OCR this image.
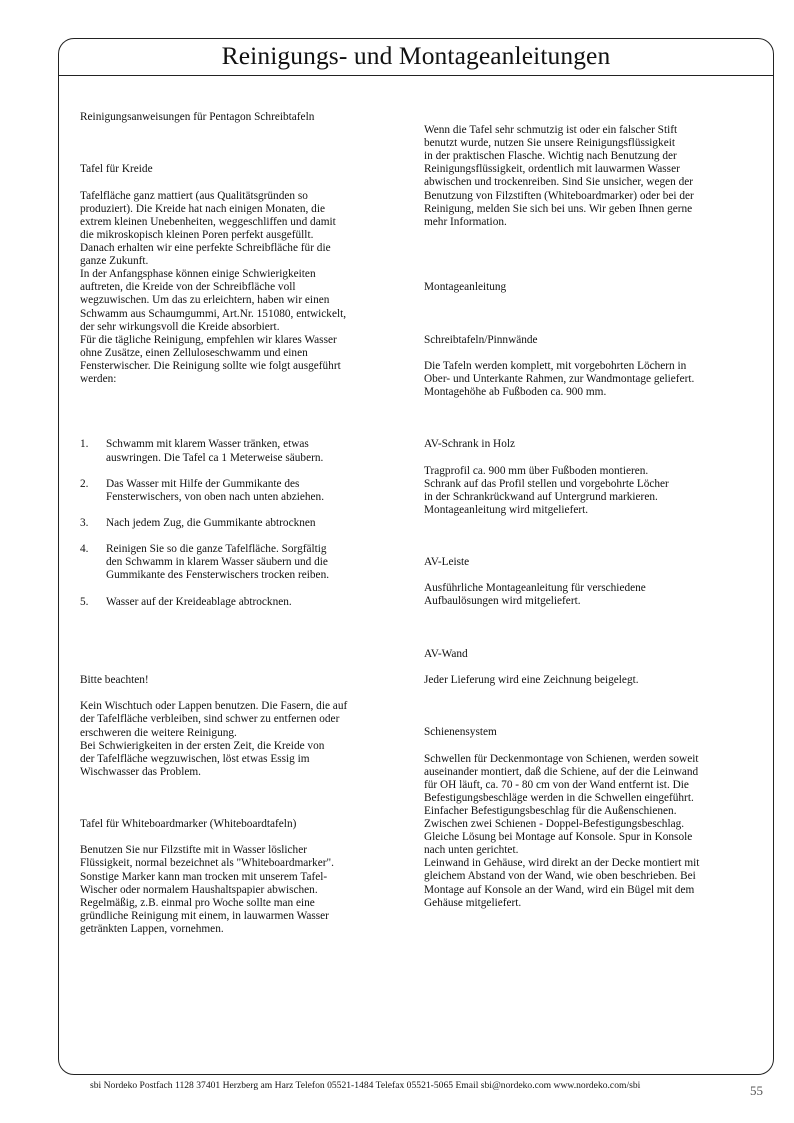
Reinigungs- und Montageanleitungen

Reinigungsanweisungen für Pentagon Schreibtafeln

Tafel für Kreide

Tafelfläche ganz mattiert (aus Qualitätsgründen so
produziert). Die Kreide hat nach einigen Monaten, die
extrem kleinen Unebenheiten, weggeschliffen und damit
die mikroskopisch kleinen Poren perfekt ausgefüllt.
Danach erhalten wir eine perfekte Schreibfläche für die
ganze Zukunft.
In der Anfangsphase können einige Schwierigkeiten
auftreten, die Kreide von der Schreibfläche voll
wegzuwischen. Um das zu erleichtern, haben wir einen
Schwamm aus Schaumgummi, Art.Nr. 151080, entwickelt,
der sehr wirkungsvoll die Kreide absorbiert.
Für die tägliche Reinigung, empfehlen wir klares Wasser
ohne Zusätze, einen Zelluloseschwamm und einen
Fensterwischer. Die Reinigung sollte wie folgt ausgeführt
werden:

1. Schwamm mit klarem Wasser tränken, etwas
auswringen. Die Tafel ca 1 Meterweise säubern.

2. Das Wasser mit Hilfe der Gummikante des
Fensterwischers, von oben nach unten abziehen.

3. Nach jedem Zug, die Gummikante abtrocknen

4. Reinigen Sie so die ganze Tafelfläche. Sorgfältig
den Schwamm in klarem Wasser säubern und die
Gummikante des Fensterwischers trocken reiben.

5. Wasser auf der Kreideablage abtrocknen.

Bitte beachten!

Kein Wischtuch oder Lappen benutzen. Die Fasern, die auf
der Tafelfläche verbleiben, sind schwer zu entfernen oder
erschweren die weitere Reinigung.
Bei Schwierigkeiten in der ersten Zeit, die Kreide von
der Tafelfläche wegzuwischen, löst etwas Essig im
Wischwasser das Problem.

Tafel für Whiteboardmarker (Whiteboardtafeln)

Benutzen Sie nur Filzstifte mit in Wasser löslicher
Flüssigkeit, normal bezeichnet als "Whiteboardmarker".
Sonstige Marker kann man trocken mit unserem Tafel-
Wischer oder normalem Haushaltspapier abwischen.
Regelmäßig, z.B. einmal pro Woche sollte man eine
gründliche Reinigung mit einem, in lauwarmen Wasser
getränkten Lappen, vornehmen.

Wenn die Tafel sehr schmutzig ist oder ein falscher Stift
benutzt wurde, nutzen Sie unsere Reinigungsflüssigkeit
in der praktischen Flasche. Wichtig nach Benutzung der
Reinigungsflüssigkeit, ordentlich mit lauwarmen Wasser
abwischen und trockenreiben. Sind Sie unsicher, wegen der
Benutzung von Filzstiften (Whiteboardmarker) oder bei der
Reinigung, melden Sie sich bei uns. Wir geben Ihnen gerne
mehr Information.

Montageanleitung

Schreibtafeln/Pinnwände

Die Tafeln werden komplett, mit vorgebohrten Löchern in
Ober- und Unterkante Rahmen, zur Wandmontage geliefert.
Montagehöhe ab Fußboden ca. 900 mm.

AV-Schrank in Holz

Tragprofil ca. 900 mm über Fußboden montieren.
Schrank auf das Profil stellen und vorgebohrte Löcher
in der Schrankrückwand auf Untergrund markieren.
Montageanleitung wird mitgeliefert.

AV-Leiste

Ausführliche Montageanleitung für verschiedene
Aufbaulösungen wird mitgeliefert.

AV-Wand

Jeder Lieferung wird eine Zeichnung beigelegt.

Schienensystem

Schwellen für Deckenmontage von Schienen, werden soweit
auseinander montiert, daß die Schiene, auf der die Leinwand
für OH läuft, ca. 70 - 80 cm von der Wand entfernt ist. Die
Befestigungsbeschläge werden in die Schwellen eingeführt.
Einfacher Befestigungsbeschlag für die Außenschienen.
Zwischen zwei Schienen - Doppel-Befestigungsbeschlag.
Gleiche Lösung bei Montage auf Konsole. Spur in Konsole
nach unten gerichtet.
Leinwand in Gehäuse, wird direkt an der Decke montiert mit
gleichem Abstand von der Wand, wie oben beschrieben. Bei
Montage auf Konsole an der Wand, wird ein Bügel mit dem
Gehäuse mitgeliefert.

sbi Nordeko Postfach 1128 37401 Herzberg am Harz Telefon 05521-1484 Telefax 05521-5065 Email sbi@nordeko.com www.nordeko.com/sbi	55
